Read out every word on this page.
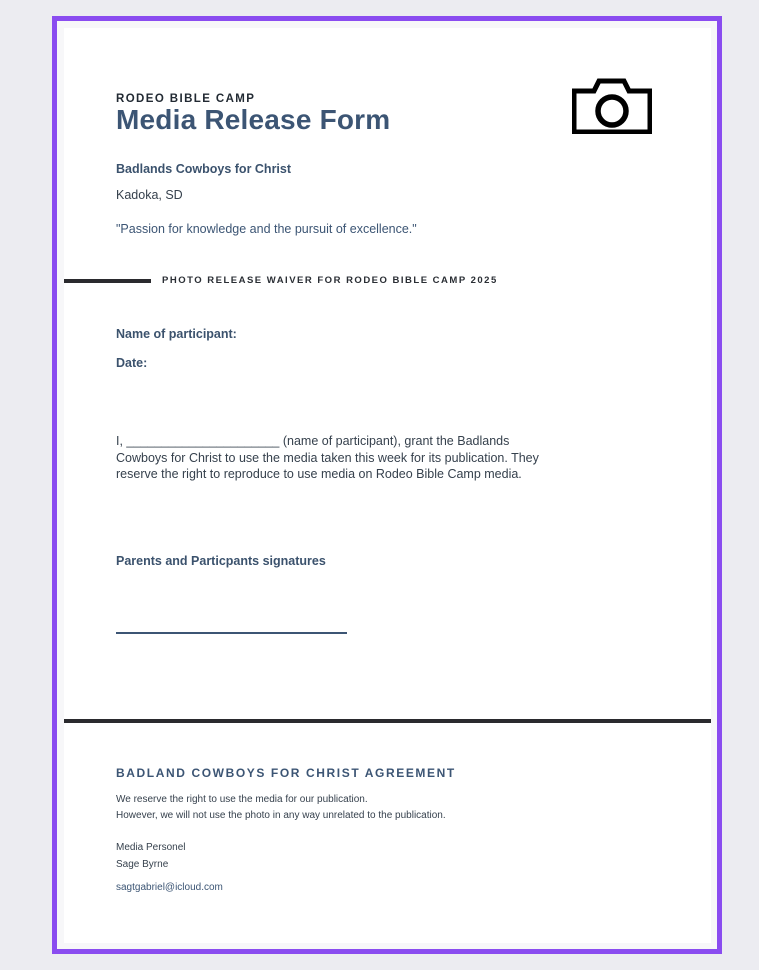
RODEO BIBLE CAMP
Media Release Form
Badlands Cowboys for Christ
Kadoka, SD
"Passion for knowledge and the pursuit of excellence."
PHOTO RELEASE WAIVER FOR RODEO BIBLE CAMP 2025
Name of participant:
Date:
I, ______________________ (name of participant), grant the Badlands Cowboys for Christ to use the media taken this week for its publication. They reserve the right to reproduce to use media on Rodeo Bible Camp media.
Parents and Particpants signatures
BADLAND COWBOYS FOR CHRIST AGREEMENT
We reserve the right to use the media for our publication.
However, we will not use the photo in any way unrelated to the publication.
Media Personel
Sage Byrne
sagtgabriel@icloud.com
